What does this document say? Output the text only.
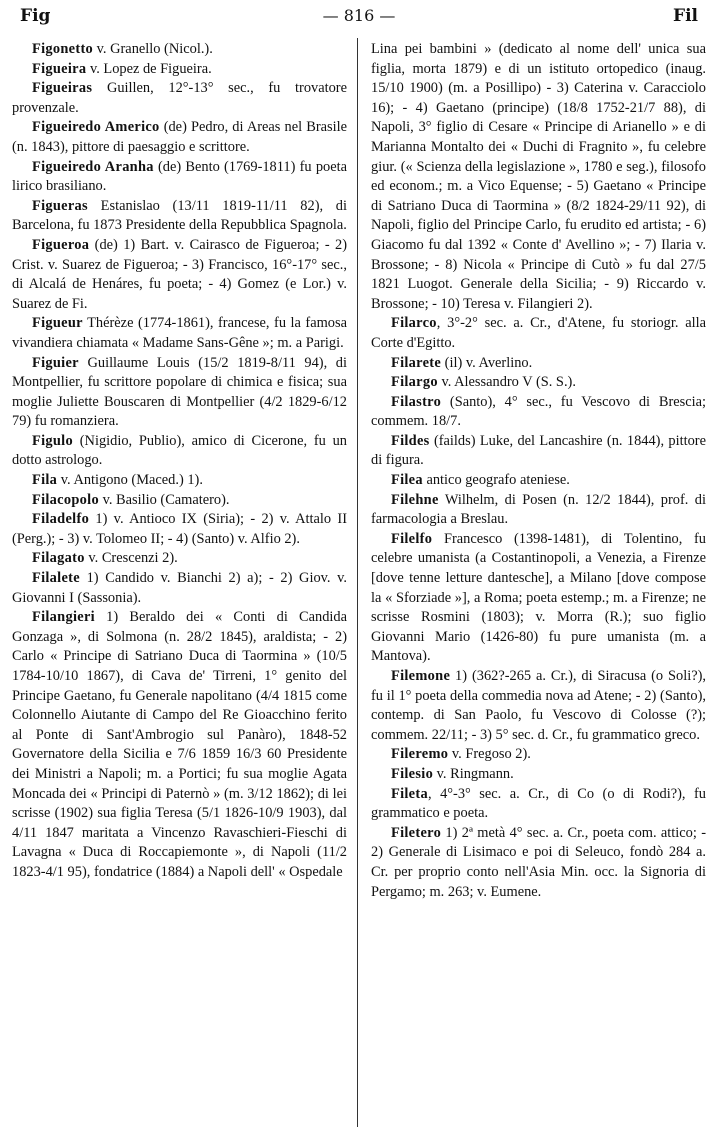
Fig	— 816 —	Fil

Figonetto v. Granello (Nicol.).

Figueira v. Lopez de Figueira.

Figueiras Guillen, 12°-13° sec., fu trovatore provenzale.

Figueiredo Americo (de) Pedro, di Areas nel Brasile (n. 1843), pittore di paesaggio e scrittore.

Figueiredo Aranha (de) Bento (1769-1811) fu poeta lirico brasiliano.

Figueras Estanislao (13/11 1819-11/11 82), di Barcelona, fu 1873 Presidente della Repubblica Spagnola.

Figueroa (de) 1) Bart. v. Cairasco de Figueroa; - 2) Crist. v. Suarez de Figueroa; - 3) Francisco, 16°-17° sec., di Alcalá de Henáres, fu poeta; - 4) Gomez (e Lor.) v. Suarez de Fi.

Figueur Thérèze (1774-1861), francese, fu la famosa vivandiera chiamata « Madame Sans-Gêne »; m. a Parigi.

Figuier Guillaume Louis (15/2 1819-8/11 94), di Montpellier, fu scrittore popolare di chimica e fisica; sua moglie Juliette Bouscaren di Montpellier (4/2 1829-6/12 79) fu romanziera.

Figulo (Nigidio, Publio), amico di Cicerone, fu un dotto astrologo.

Fila v. Antigono (Maced.) 1).

Filacopolo v. Basilio (Camatero).

Filadelfo 1) v. Antioco IX (Siria); - 2) v. Attalo II (Perg.); - 3) v. Tolomeo II; - 4) (Santo) v. Alfio 2).

Filagato v. Crescenzi 2).

Filalete 1) Candido v. Bianchi 2) a); - 2) Giov. v. Giovanni I (Sassonia).

Filangieri 1) Beraldo dei « Conti di Candida Gonzaga », di Solmona (n. 28/2 1845), araldista; - 2) Carlo « Principe di Satriano Duca di Taormina » (10/5 1784-10/10 1867), di Cava de' Tirreni, 1° genito del Principe Gaetano, fu Generale napolitano (4/4 1815 come Colonnello Aiutante di Campo del Re Gioacchino ferito al Ponte di Sant'Ambrogio sul Panàro), 1848-52 Governatore della Sicilia e 7/6 1859 16/3 60 Presidente dei Ministri a Napoli; m. a Portici; fu sua moglie Agata Moncada dei « Principi di Paternò » (m. 3/12 1862); di lei scrisse (1902) sua figlia Teresa (5/1 1826-10/9 1903), dal 4/11 1847 maritata a Vincenzo Ravaschieri-Fieschi di Lavagna « Duca di Roccapiemonte », di Napoli (11/2 1823-4/1 95), fondatrice (1884) a Napoli dell' « Ospedale

Lina pei bambini » (dedicato al nome dell' unica sua figlia, morta 1879) e di un istituto ortopedico (inaug. 15/10 1900) (m. a Posillipo) - 3) Caterina v. Caracciolo 16); - 4) Gaetano (principe) (18/8 1752-21/7 88), di Napoli, 3° figlio di Cesare « Principe di Arianello » e di Marianna Montalto dei « Duchi di Fragnito », fu celebre giur. (« Scienza della legislazione », 1780 e seg.), filosofo ed econom.; m. a Vico Equense; - 5) Gaetano « Principe di Satriano Duca di Taormina » (8/2 1824-29/11 92), di Napoli, figlio del Principe Carlo, fu erudito ed artista; - 6) Giacomo fu dal 1392 « Conte d' Avellino »; - 7) Ilaria v. Brossone; - 8) Nicola « Principe di Cutò » fu dal 27/5 1821 Luogot. Generale della Sicilia; - 9) Riccardo v. Brossone; - 10) Teresa v. Filangieri 2).

Filarco, 3°-2° sec. a. Cr., d'Atene, fu storiogr. alla Corte d'Egitto.

Filarete (il) v. Averlino.

Filargo v. Alessandro V (S. S.).

Filastro (Santo), 4° sec., fu Vescovo di Brescia; commem. 18/7.

Fildes (failds) Luke, del Lancashire (n. 1844), pittore di figura.

Filea antico geografo ateniese.

Filehne Wilhelm, di Posen (n. 12/2 1844), prof. di farmacologia a Breslau.

Filelfo Francesco (1398-1481), di Tolentino, fu celebre umanista (a Costantinopoli, a Venezia, a Firenze [dove tenne letture dantesche], a Milano [dove compose la « Sforziade »], a Roma; poeta estemp.; m. a Firenze; ne scrisse Rosmini (1803); v. Morra (R.); suo figlio Giovanni Mario (1426-80) fu pure umanista (m. a Mantova).

Filemone 1) (362?-265 a. Cr.), di Siracusa (o Soli?), fu il 1° poeta della commedia nova ad Atene; - 2) (Santo), contemp. di San Paolo, fu Vescovo di Colosse (?); commem. 22/11; - 3) 5° sec. d. Cr., fu grammatico greco.

Fileremo v. Fregoso 2).

Filesio v. Ringmann.

Fileta, 4°-3° sec. a. Cr., di Co (o di Rodi?), fu grammatico e poeta.

Filetero 1) 2ª metà 4° sec. a. Cr., poeta com. attico; - 2) Generale di Lisimaco e poi di Seleuco, fondò 284 a. Cr. per proprio conto nell'Asia Min. occ. la Signoria di Pergamo; m. 263; v. Eumene.
